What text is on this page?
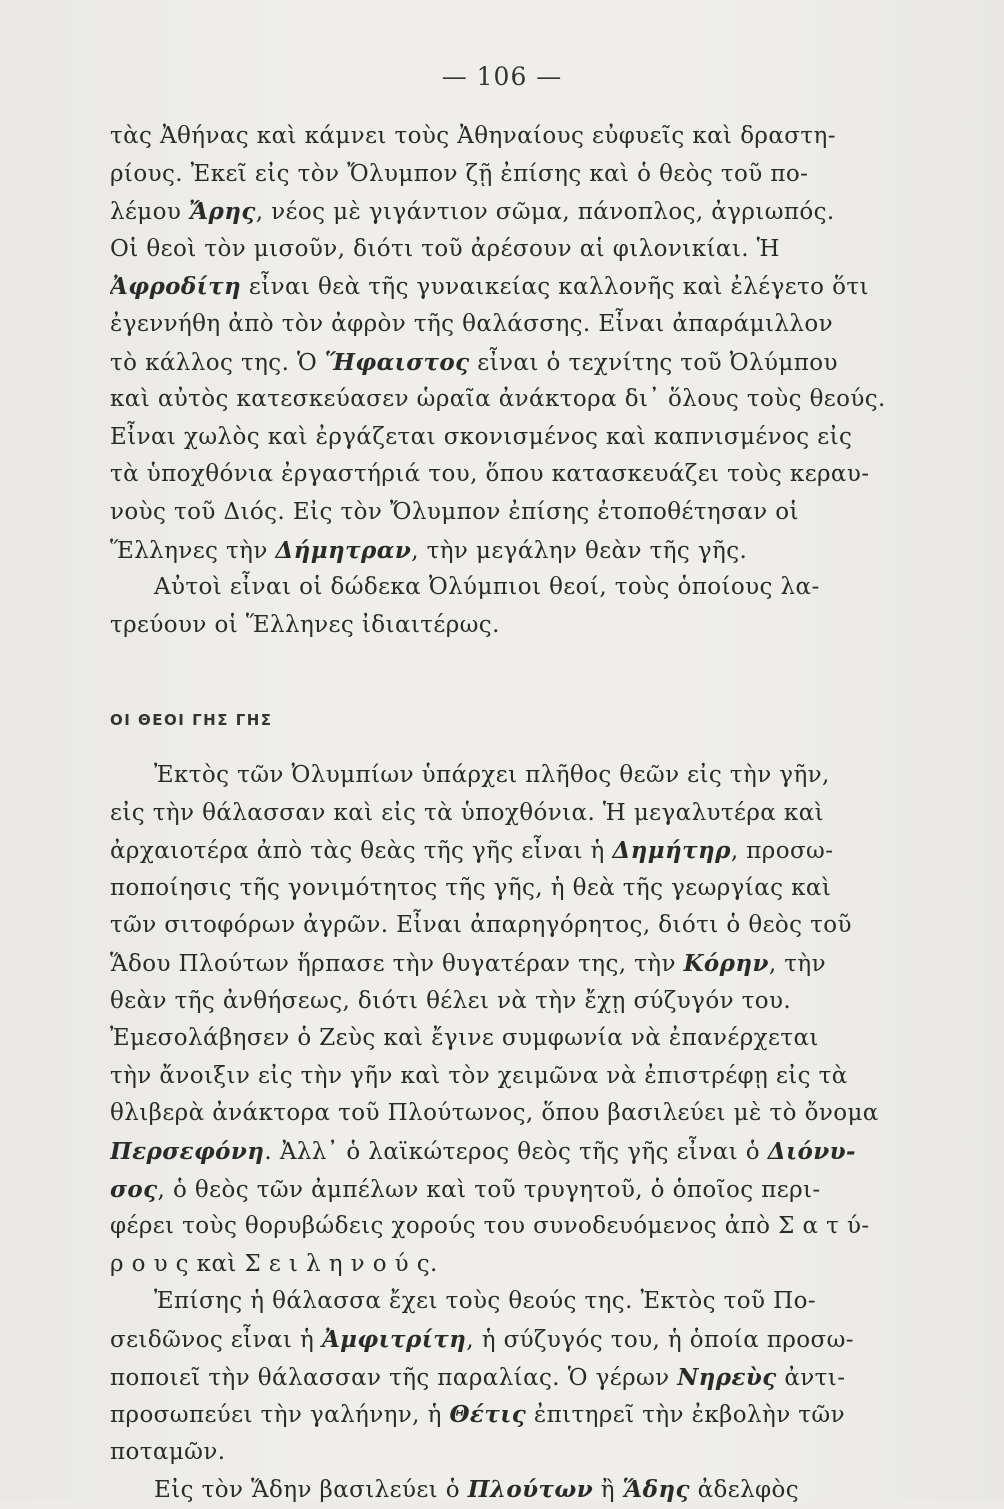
— 106 —
τὰς Ἀθήνας καὶ κάμνει τοὺς Ἀθηναίους εὐφυεῖς καὶ δραστη-
ρίους. Ἐκεῖ εἰς τὸν Ὄλυμπον ζῇ ἐπίσης καὶ ὁ θεὸς τοῦ πο-
λέμου Ἄρης, νέος μὲ γιγάντιον σῶμα, πάνοπλος, ἀγριωπός.
Οἱ θεοὶ τὸν μισοῦν, διότι τοῦ ἀρέσουν αἱ φιλονικίαι. Ἡ
Ἀφροδίτη εἶναι θεὰ τῆς γυναικείας καλλονῆς καὶ ἐλέγετο ὅτι
ἐγεννήθη ἀπὸ τὸν ἀφρὸν τῆς θαλάσσης. Εἶναι ἀπαράμιλλον
τὸ κάλλος της. Ὁ Ἥφαιστος εἶναι ὁ τεχνίτης τοῦ Ὀλύμπου
καὶ αὐτὸς κατεσκεύασεν ὡραῖα ἀνάκτορα δι᾽ ὅλους τοὺς θεούς.
Εἶναι χωλὸς καὶ ἐργάζεται σκονισμένος καὶ καπνισμένος εἰς
τὰ ὑποχθόνια ἐργαστήριά του, ὅπου κατασκευάζει τοὺς κεραυ-
νοὺς τοῦ Διός. Εἰς τὸν Ὄλυμπον ἐπίσης ἐτοποθέτησαν οἱ
Ἕλληνες τὴν Δήμητραν, τὴν μεγάλην θεὰν τῆς γῆς.
Αὐτοὶ εἶναι οἱ δώδεκα Ὀλύμπιοι θεοί, τοὺς ὁποίους λα-
τρεύουν οἱ Ἕλληνες ἰδιαιτέρως.
ΟΙ ΘΕΟΙ ΓΗΣ ΓΗΣ
Ἐκτὸς τῶν Ὀλυμπίων ὑπάρχει πλῆθος θεῶν εἰς τὴν γῆν,
εἰς τὴν θάλασσαν καὶ εἰς τὰ ὑποχθόνια. Ἡ μεγαλυτέρα καὶ
ἀρχαιοτέρα ἀπὸ τὰς θεὰς τῆς γῆς εἶναι ἡ Δημήτηρ, προσω-
ποποίησις τῆς γονιμότητος τῆς γῆς, ἡ θεὰ τῆς γεωργίας καὶ
τῶν σιτοφόρων ἀγρῶν. Εἶναι ἀπαρηγόρητος, διότι ὁ θεὸς τοῦ
Ἅδου Πλούτων ἥρπασε τὴν θυγατέραν της, τὴν Κόρην, τὴν
θεὰν τῆς ἀνθήσεως, διότι θέλει νὰ τὴν ἔχῃ σύζυγόν του.
Ἐμεσολάβησεν ὁ Ζεὺς καὶ ἔγινε συμφωνία νὰ ἐπανέρχεται
τὴν ἄνοιξιν εἰς τὴν γῆν καὶ τὸν χειμῶνα νὰ ἐπιστρέφῃ εἰς τὰ
θλιβερὰ ἀνάκτορα τοῦ Πλούτωνος, ὅπου βασιλεύει μὲ τὸ ὄνομα
Περσεφόνη. Ἀλλ᾽ ὁ λαϊκώτερος θεὸς τῆς γῆς εἶναι ὁ Διόνυ-
σος, ὁ θεὸς τῶν ἀμπέλων καὶ τοῦ τρυγητοῦ, ὁ ὁποῖος περι-
φέρει τοὺς θορυβώδεις χορούς του συνοδευόμενος ἀπὸ Σ α τ ύ-
ρ ο υ ς καὶ Σ ε ι λ η ν ο ύ ς.
Ἐπίσης ἡ θάλασσα ἔχει τοὺς θεούς της. Ἐκτὸς τοῦ Πο-
σειδῶνος εἶναι ἡ Ἀμφιτρίτη, ἡ σύζυγός του, ἡ ὁποία προσω-
ποποιεῖ τὴν θάλασσαν τῆς παραλίας. Ὁ γέρων Νηρεὺς ἀντι-
προσωπεύει τὴν γαλήνην, ἡ Θέτις ἐπιτηρεῖ τὴν ἐκβολὴν τῶν
ποταμῶν.
Εἰς τὸν Ἅδην βασιλεύει ὁ Πλούτων ἢ Ἅδης ἀδελφὸς
